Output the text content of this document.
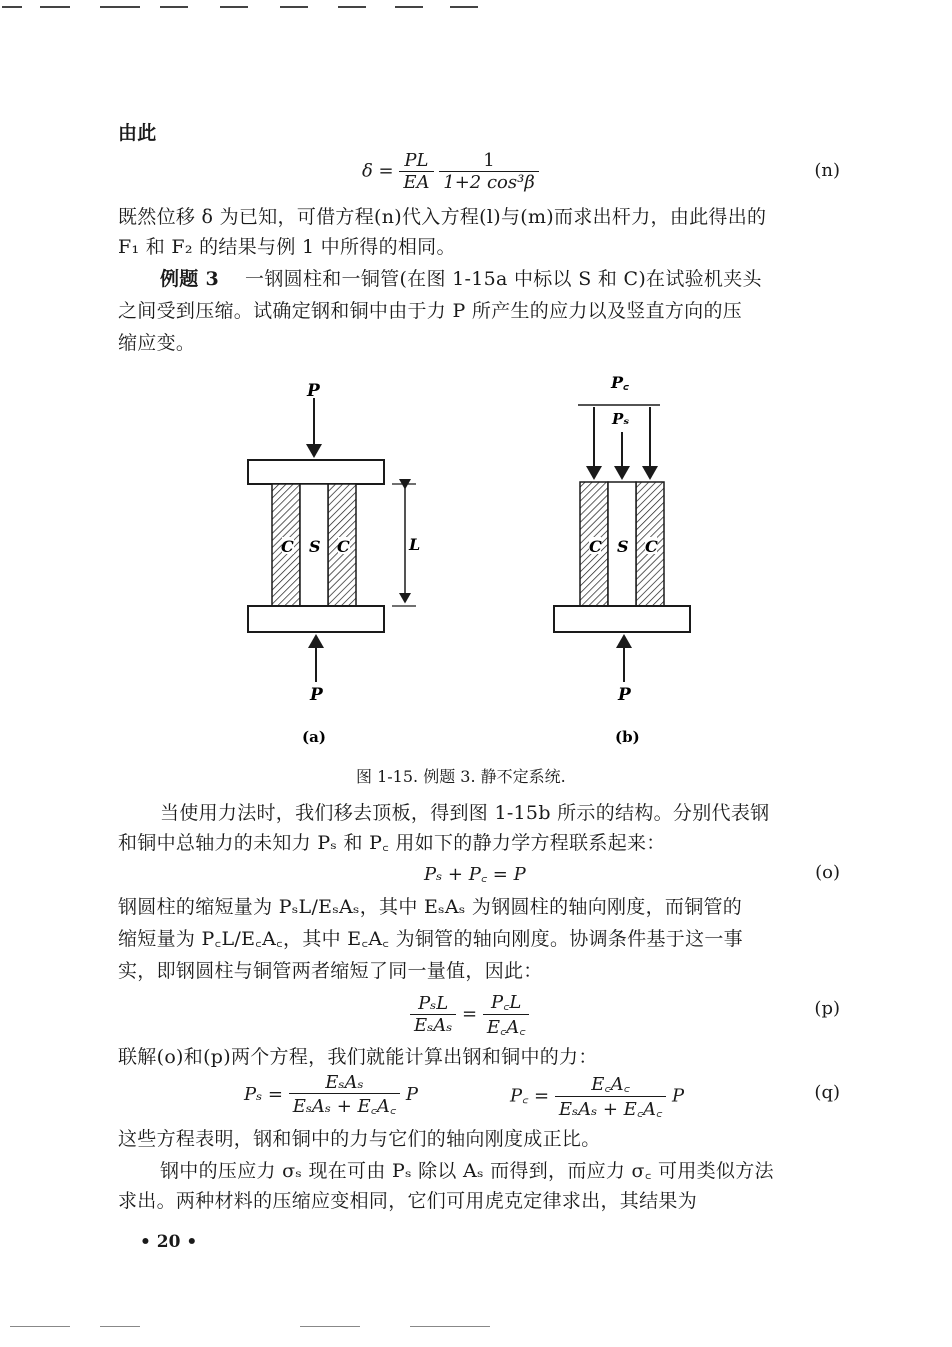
由此
$\delta = \frac{PL}{EA}$
$\frac{1}{\text{1+2 cos³β}}$	(n)
既然位移 δ 为已知，可借方程(n)代入方程(l)与(m)而求出杆力，由此得出的
F₁ 和 F₂ 的结果与例 1 中所得的相同。
例题 3 一钢圆柱和一铜管(在图 1-15a 中标以 S 和 C)在试验机夹头
之间受到压缩。试确定钢和铜中由于力 P 所产生的应力以及竖直方向的压
缩应变。
P
C S C	L
P
(a)
P꜀
Pₛ
C S C
P
(b)
图 1-15. 例题 3. 静不定系统.
当使用力法时，我们移去顶板，得到图 1-15b 所示的结构。分别代表钢
和铜中总轴力的未知力 Pₛ 和 P꜀ 用如下的静力学方程联系起来：
Pₛ + P꜀ = P	(o)
钢圆柱的缩短量为 PₛL/EₛAₛ，其中 EₛAₛ 为钢圆柱的轴向刚度，而铜管的
缩短量为 P꜀L/E꜀A꜀，其中 E꜀A꜀ 为铜管的轴向刚度。协调条件基于这一事
实，即钢圆柱与铜管两者缩短了同一量值，因此：
$\frac{\text{PₛL}}{\text{EₛAₛ}} = \frac{P꜀L}{E꜀A꜀}$	(p)
联解(o)和(p)两个方程，我们就能计算出钢和铜中的力：
$P_s = \frac{\text{EₛAₛ}}{\text{EₛAₛ + E꜀A꜀}}$ P	P꜀ = $\frac{E꜀A꜀}{\text{EₛAₛ + E꜀A꜀}}$ P	(q)
这些方程表明，钢和铜中的力与它们的轴向刚度成正比。
钢中的压应力 σₛ 现在可由 Pₛ 除以 Aₛ 而得到，而应力 σ꜀ 可用类似方法
求出。两种材料的压缩应变相同，它们可用虎克定律求出，其结果为
• 20 •
